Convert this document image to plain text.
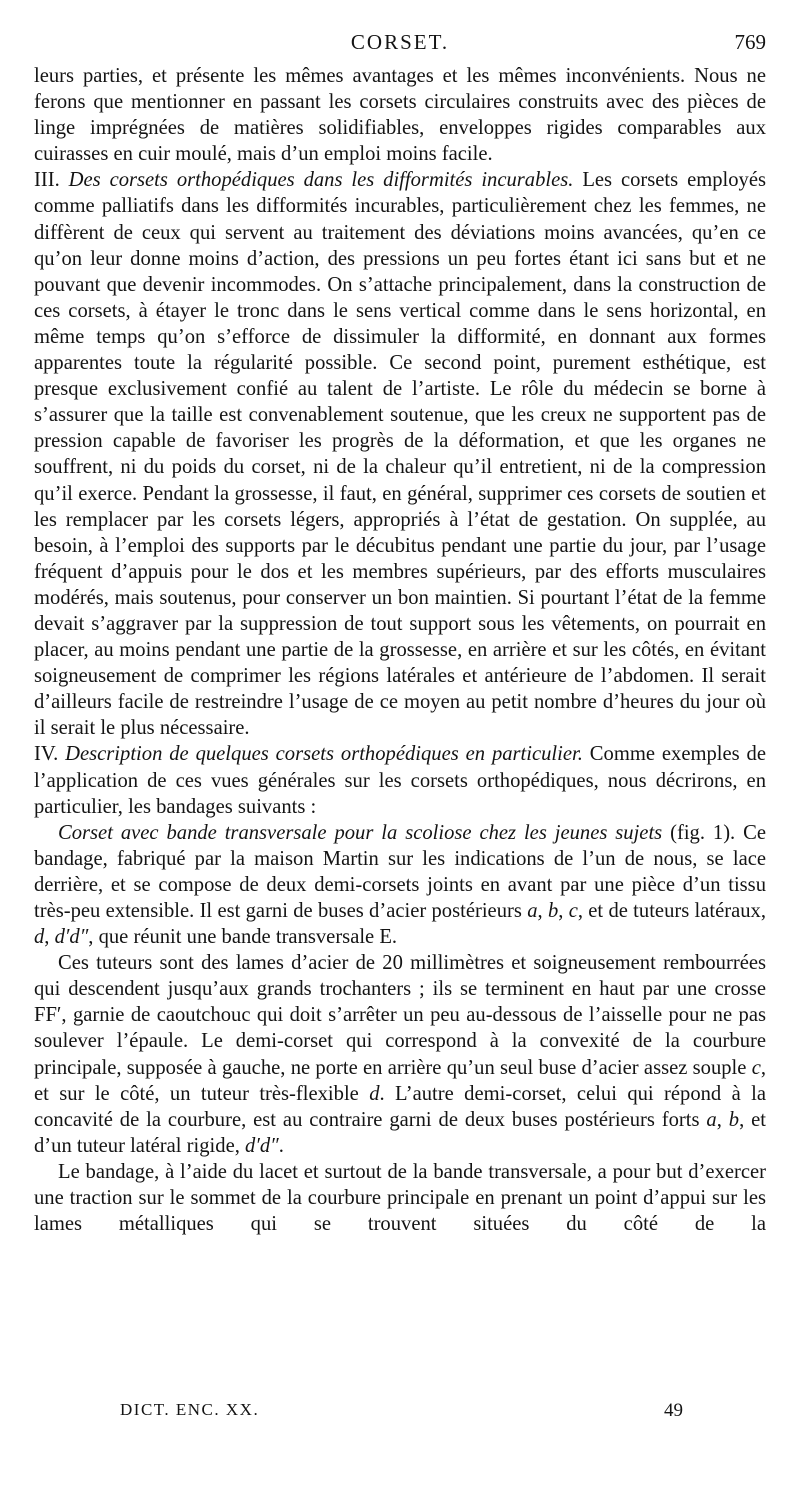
CORSET.	769

leurs parties, et présente les mêmes avantages et les mêmes inconvénients. Nous ne ferons que mentionner en passant les corsets circulaires construits avec des pièces de linge imprégnées de matières solidifiables, enveloppes rigides comparables aux cuirasses en cuir moulé, mais d’un emploi moins facile.

III. Des corsets orthopédiques dans les difformités incurables. Les corsets employés comme palliatifs dans les difformités incurables, particulièrement chez les femmes, ne diffèrent de ceux qui servent au traitement des déviations moins avancées, qu’en ce qu’on leur donne moins d’action, des pressions un peu fortes étant ici sans but et ne pouvant que devenir incommodes. On s’attache principalement, dans la construction de ces corsets, à étayer le tronc dans le sens vertical comme dans le sens horizontal, en même temps qu’on s’efforce de dissimuler la difformité, en donnant aux formes apparentes toute la régularité possible. Ce second point, purement esthétique, est presque exclusivement confié au talent de l’artiste. Le rôle du médecin se borne à s’assurer que la taille est convenablement soutenue, que les creux ne supportent pas de pression capable de favoriser les progrès de la déformation, et que les organes ne souffrent, ni du poids du corset, ni de la chaleur qu’il entretient, ni de la compression qu’il exerce. Pendant la grossesse, il faut, en général, supprimer ces corsets de soutien et les remplacer par les corsets légers, appropriés à l’état de gestation. On supplée, au besoin, à l’emploi des supports par le décubitus pendant une partie du jour, par l’usage fréquent d’appuis pour le dos et les membres supérieurs, par des efforts musculaires modérés, mais soutenus, pour conserver un bon maintien. Si pourtant l’état de la femme devait s’aggraver par la suppression de tout support sous les vêtements, on pourrait en placer, au moins pendant une partie de la grossesse, en arrière et sur les côtés, en évitant soigneusement de comprimer les régions latérales et antérieure de l’abdomen. Il serait d’ailleurs facile de restreindre l’usage de ce moyen au petit nombre d’heures du jour où il serait le plus nécessaire.

IV. Description de quelques corsets orthopédiques en particulier. Comme exemples de l’application de ces vues générales sur les corsets orthopédiques, nous décrirons, en particulier, les bandages suivants :

Corset avec bande transversale pour la scoliose chez les jeunes sujets (fig. 1). Ce bandage, fabriqué par la maison Martin sur les indications de l’un de nous, se lace derrière, et se compose de deux demi-corsets joints en avant par une pièce d’un tissu très-peu extensible. Il est garni de buses d’acier postérieurs a, b, c, et de tuteurs latéraux, d, d′d″, que réunit une bande transversale E.

Ces tuteurs sont des lames d’acier de 20 millimètres et soigneusement rembourrées qui descendent jusqu’aux grands trochanters ; ils se terminent en haut par une crosse FF′, garnie de caoutchouc qui doit s’arrêter un peu au-dessous de l’aisselle pour ne pas soulever l’épaule. Le demi-corset qui correspond à la convexité de la courbure principale, supposée à gauche, ne porte en arrière qu’un seul buse d’acier assez souple c, et sur le côté, un tuteur très-flexible d. L’autre demi-corset, celui qui répond à la concavité de la courbure, est au contraire garni de deux buses postérieurs forts a, b, et d’un tuteur latéral rigide, d′d″.

Le bandage, à l’aide du lacet et surtout de la bande transversale, a pour but d’exercer une traction sur le sommet de la courbure principale en prenant un point d’appui sur les lames métalliques qui se trouvent situées du côté de la

DICT. ENC. XX.	49
